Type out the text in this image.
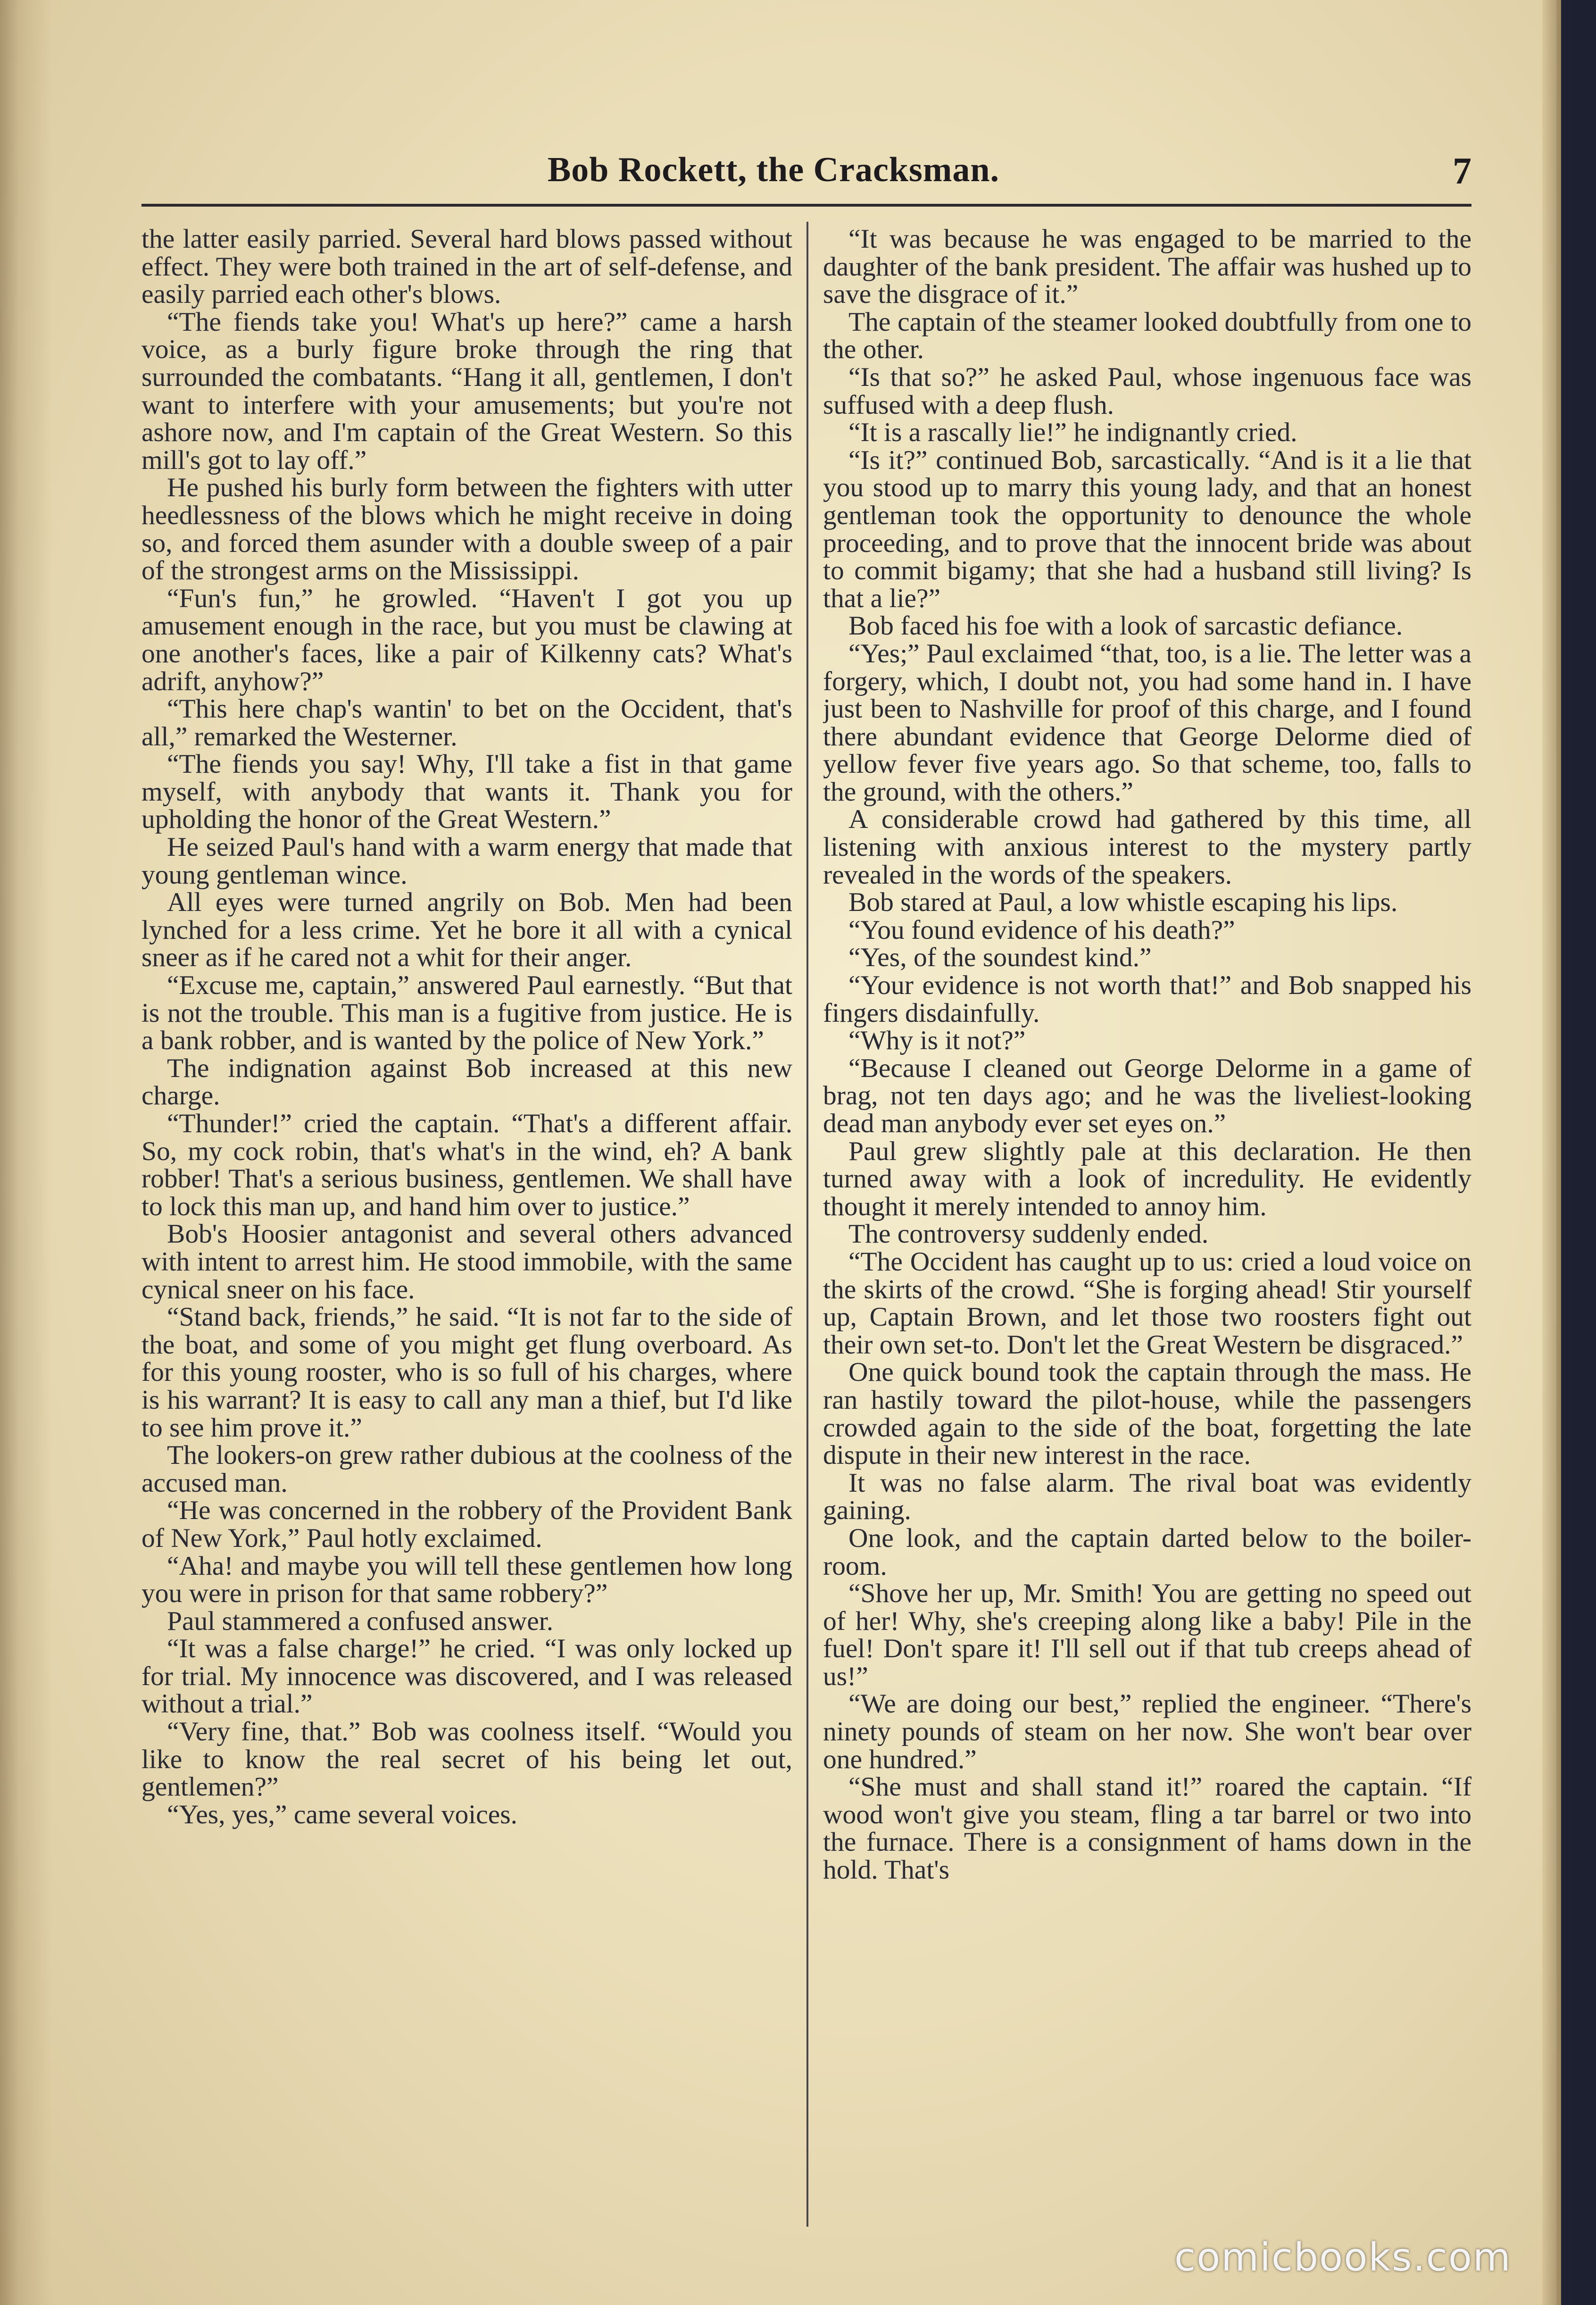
Bob Rockett, the Cracksman.	7

the latter easily parried. Several hard blows passed without effect. They were both trained in the art of self-defense, and easily parried each other's blows.

“The fiends take you! What's up here?” came a harsh voice, as a burly figure broke through the ring that surrounded the combatants. “Hang it all, gentlemen, I don't want to interfere with your amusements; but you're not ashore now, and I'm captain of the Great Western. So this mill's got to lay off.”

He pushed his burly form between the fighters with utter heedlessness of the blows which he might receive in doing so, and forced them asunder with a double sweep of a pair of the strongest arms on the Mississippi.

“Fun's fun,” he growled. “Haven't I got you up amusement enough in the race, but you must be clawing at one another's faces, like a pair of Kilkenny cats? What's adrift, anyhow?”

“This here chap's wantin' to bet on the Occident, that's all,” remarked the Westerner.

“The fiends you say! Why, I'll take a fist in that game myself, with anybody that wants it. Thank you for upholding the honor of the Great Western.”

He seized Paul's hand with a warm energy that made that young gentleman wince.

All eyes were turned angrily on Bob. Men had been lynched for a less crime. Yet he bore it all with a cynical sneer as if he cared not a whit for their anger.

“Excuse me, captain,” answered Paul earnestly. “But that is not the trouble. This man is a fugitive from justice. He is a bank robber, and is wanted by the police of New York.”

The indignation against Bob increased at this new charge.

“Thunder!” cried the captain. “That's a different affair. So, my cock robin, that's what's in the wind, eh? A bank robber! That's a serious business, gentlemen. We shall have to lock this man up, and hand him over to justice.”

Bob's Hoosier antagonist and several others advanced with intent to arrest him. He stood immobile, with the same cynical sneer on his face.

“Stand back, friends,” he said. “It is not far to the side of the boat, and some of you might get flung overboard. As for this young rooster, who is so full of his charges, where is his warrant? It is easy to call any man a thief, but I'd like to see him prove it.”

The lookers-on grew rather dubious at the coolness of the accused man.

“He was concerned in the robbery of the Provident Bank of New York,” Paul hotly exclaimed.

“Aha! and maybe you will tell these gentlemen how long you were in prison for that same robbery?”

Paul stammered a confused answer.

“It was a false charge!” he cried. “I was only locked up for trial. My innocence was discovered, and I was released without a trial.”

“Very fine, that.” Bob was coolness itself. “Would you like to know the real secret of his being let out, gentlemen?”

“Yes, yes,” came several voices.

“It was because he was engaged to be married to the daughter of the bank president. The affair was hushed up to save the disgrace of it.”

The captain of the steamer looked doubtfully from one to the other.

“Is that so?” he asked Paul, whose ingenuous face was suffused with a deep flush.

“It is a rascally lie!” he indignantly cried.

“Is it?” continued Bob, sarcastically. “And is it a lie that you stood up to marry this young lady, and that an honest gentleman took the opportunity to denounce the whole proceeding, and to prove that the innocent bride was about to commit bigamy; that she had a husband still living? Is that a lie?”

Bob faced his foe with a look of sarcastic defiance.

“Yes;” Paul exclaimed “that, too, is a lie. The letter was a forgery, which, I doubt not, you had some hand in. I have just been to Nashville for proof of this charge, and I found there abundant evidence that George Delorme died of yellow fever five years ago. So that scheme, too, falls to the ground, with the others.”

A considerable crowd had gathered by this time, all listening with anxious interest to the mystery partly revealed in the words of the speakers.

Bob stared at Paul, a low whistle escaping his lips.

“You found evidence of his death?”

“Yes, of the soundest kind.”

“Your evidence is not worth that!” and Bob snapped his fingers disdainfully.

“Why is it not?”

“Because I cleaned out George Delorme in a game of brag, not ten days ago; and he was the liveliest-looking dead man anybody ever set eyes on.”

Paul grew slightly pale at this declaration. He then turned away with a look of incredulity. He evidently thought it merely intended to annoy him.

The controversy suddenly ended.

“The Occident has caught up to us: cried a loud voice on the skirts of the crowd. “She is forging ahead! Stir yourself up, Captain Brown, and let those two roosters fight out their own set-to. Don't let the Great Western be disgraced.”

One quick bound took the captain through the mass. He ran hastily toward the pilot-house, while the passengers crowded again to the side of the boat, forgetting the late dispute in their new interest in the race.

It was no false alarm. The rival boat was evidently gaining.

One look, and the captain darted below to the boiler-room.

“Shove her up, Mr. Smith! You are getting no speed out of her! Why, she's creeping along like a baby! Pile in the fuel! Don't spare it! I'll sell out if that tub creeps ahead of us!”

“We are doing our best,” replied the engineer. “There's ninety pounds of steam on her now. She won't bear over one hundred.”

“She must and shall stand it!” roared the captain. “If wood won't give you steam, fling a tar barrel or two into the furnace. There is a consignment of hams down in the hold. That's

comicbooks.com
